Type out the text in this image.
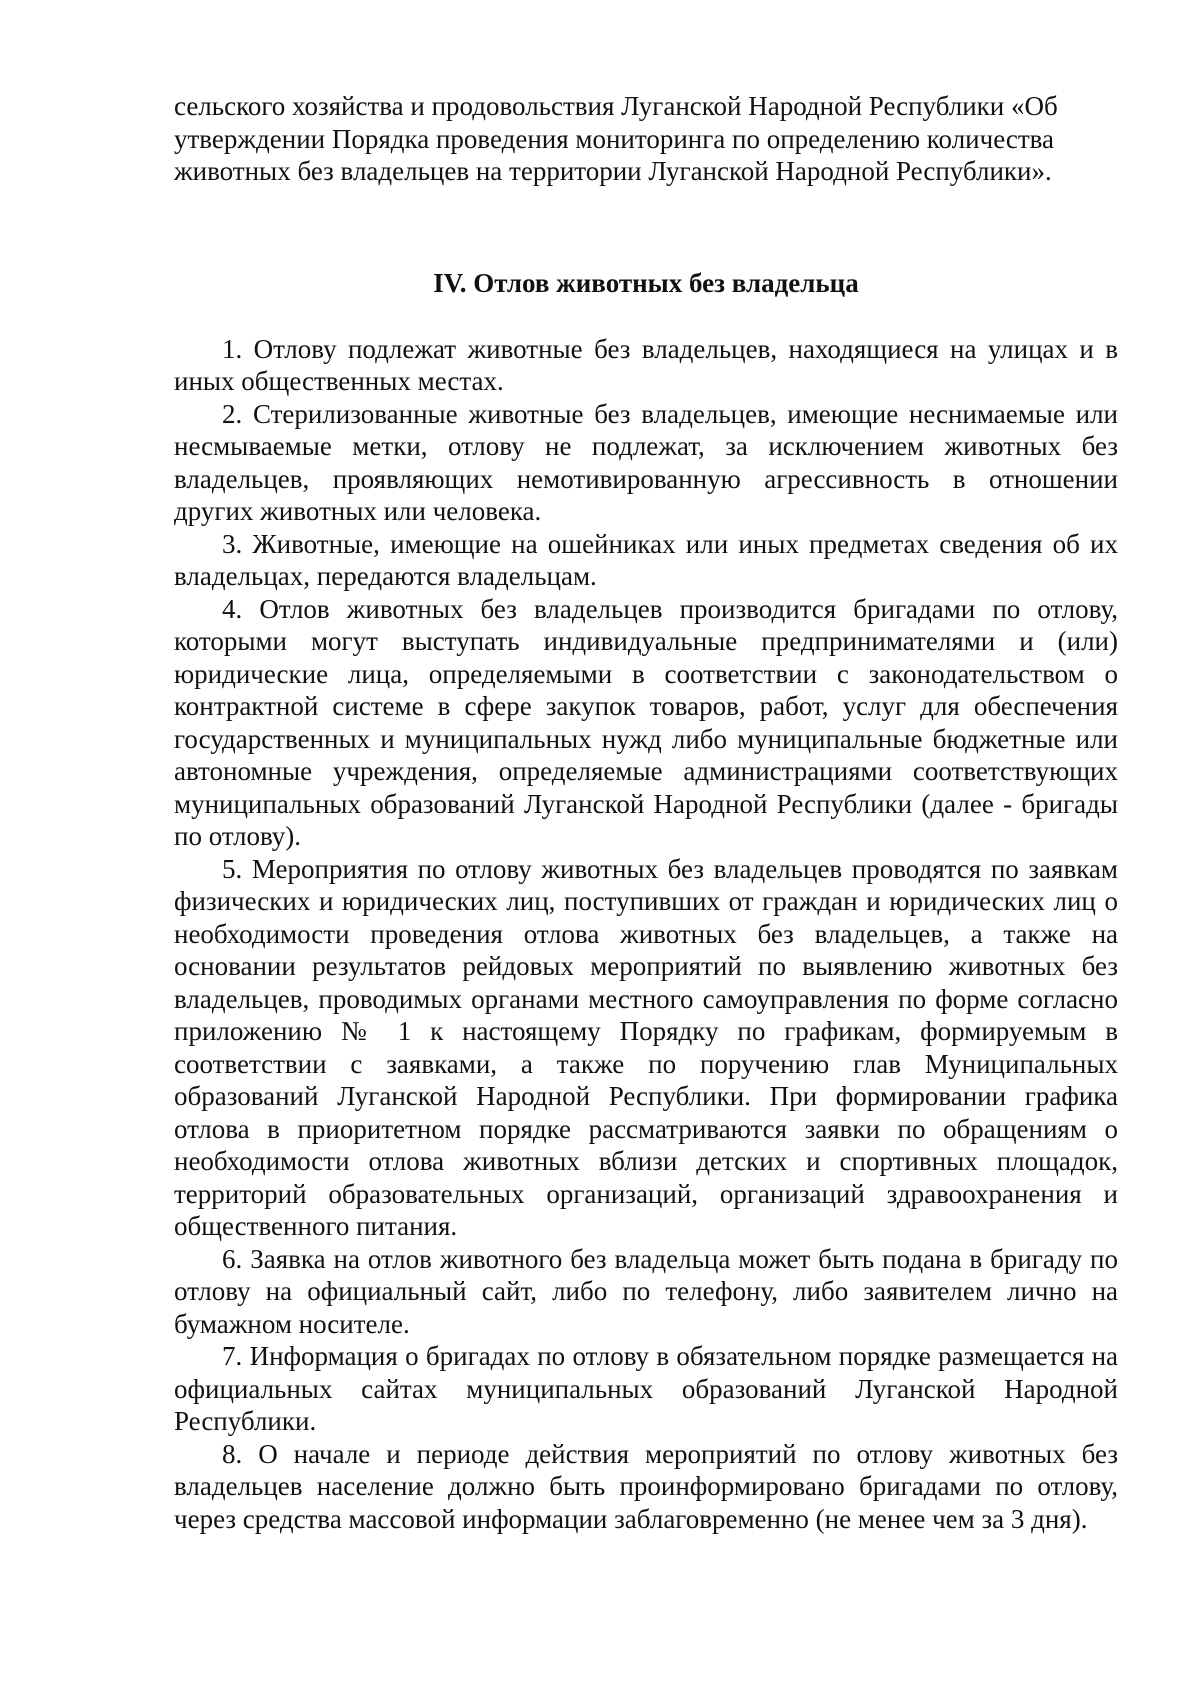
сельского хозяйства и продовольствия Луганской Народной Республики «Об утверждении Порядка проведения мониторинга по определению количества животных без владельцев на территории Луганской Народной Республики».

IV. Отлов животных без владельца

1. Отлову подлежат животные без владельцев, находящиеся на улицах и в иных общественных местах.

2. Стерилизованные животные без владельцев, имеющие неснимаемые или несмываемые метки, отлову не подлежат, за исключением животных без владельцев, проявляющих немотивированную агрессивность в отношении других животных или человека.

3. Животные, имеющие на ошейниках или иных предметах сведения об их владельцах, передаются владельцам.

4. Отлов животных без владельцев производится бригадами по отлову, которыми могут выступать индивидуальные предпринимателями и (или) юридические лица, определяемыми в соответствии с законодательством о контрактной системе в сфере закупок товаров, работ, услуг для обеспечения государственных и муниципальных нужд либо муниципальные бюджетные или автономные учреждения, определяемые администрациями соответствующих муниципальных образований Луганской Народной Республики (далее - бригады по отлову).

5. Мероприятия по отлову животных без владельцев проводятся по заявкам физических и юридических лиц, поступивших от граждан и юридических лиц о необходимости проведения отлова животных без владельцев, а также на основании результатов рейдовых мероприятий по выявлению животных без владельцев, проводимых органами местного самоуправления по форме согласно приложению № 1 к настоящему Порядку по графикам, формируемым в соответствии с заявками, а также по поручению глав Муниципальных образований Луганской Народной Республики. При формировании графика отлова в приоритетном порядке рассматриваются заявки по обращениям о необходимости отлова животных вблизи детских и спортивных площадок, территорий образовательных организаций, организаций здравоохранения и общественного питания.

6. Заявка на отлов животного без владельца может быть подана в бригаду по отлову на официальный сайт, либо по телефону, либо заявителем лично на бумажном носителе.

7. Информация о бригадах по отлову в обязательном порядке размещается на официальных сайтах муниципальных образований Луганской Народной Республики.

8. О начале и периоде действия мероприятий по отлову животных без владельцев население должно быть проинформировано бригадами по отлову, через средства массовой информации заблаговременно (не менее чем за 3 дня).
